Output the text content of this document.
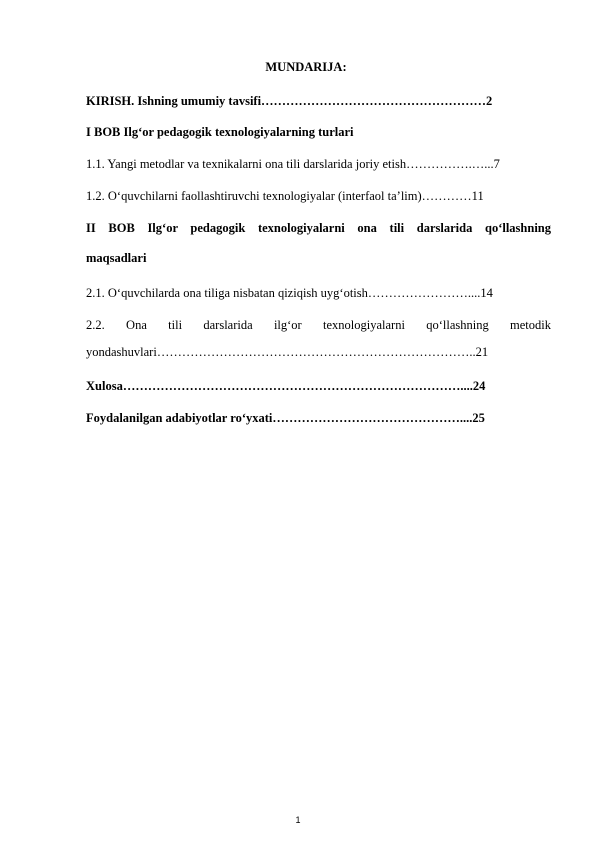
MUNDARIJA:
KIRISH. Ishning umumiy tavsifi………………………………………………2
I BOB Ilg‘or pedagogik texnologiyalarning turlari
1.1. Yangi metodlar va texnikalarni ona tili darslarida joriy etish…………….…...7
1.2. O‘quvchilarni faollashtiruvchi texnologiyalar (interfaol ta’lim)…………11
II BOB Ilg‘or pedagogik texnologiyalarni ona tili darslarida qo‘llashning
maqsadlari
2.1. O‘quvchilarda ona tiliga nisbatan qiziqish uyg‘otish……………………....14
2.2. Ona tili darslarida ilg‘or texnologiyalarni qo‘llashning metodik
yondashuvlari…………………………………………………………………..21
Xulosa………………………………………………………………………....24
Foydalanilgan adabiyotlar ro‘yxati………………………………………....25
1
